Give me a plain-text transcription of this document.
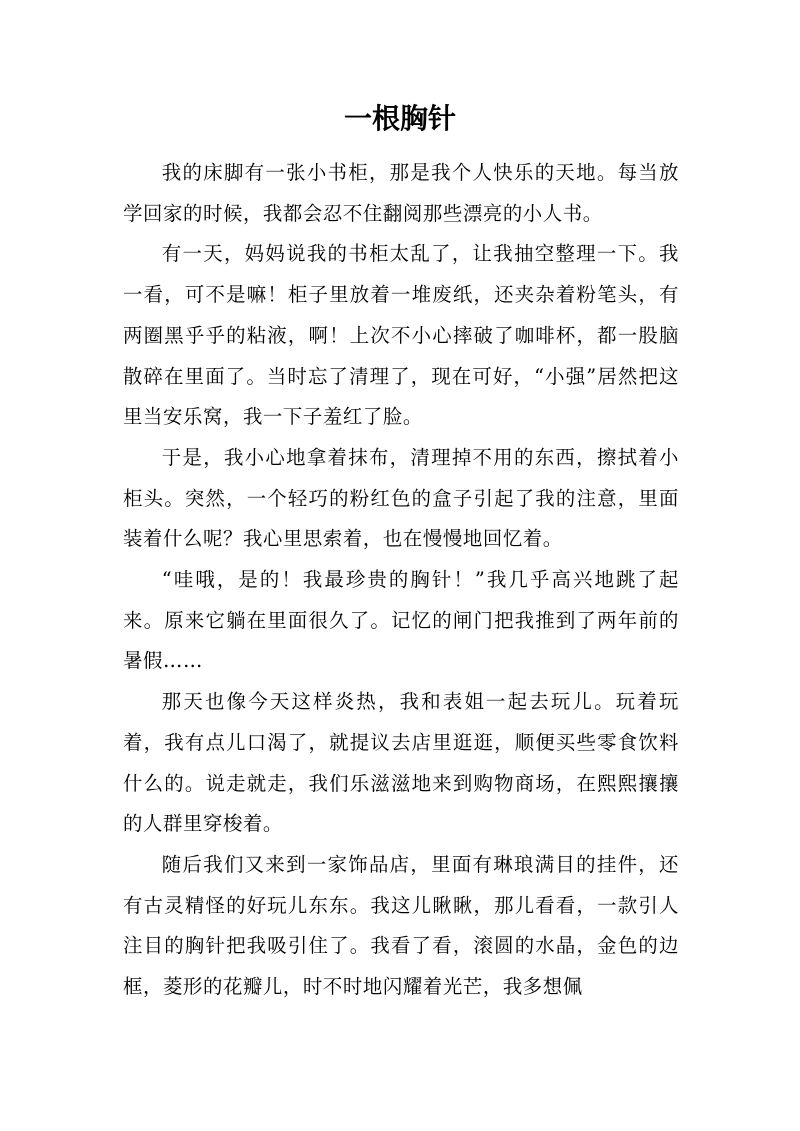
一根胸针

我的床脚有一张小书柜，那是我个人快乐的天地。每当放学回家的时候，我都会忍不住翻阅那些漂亮的小人书。

有一天，妈妈说我的书柜太乱了，让我抽空整理一下。我一看，可不是嘛！柜子里放着一堆废纸，还夹杂着粉笔头，有两圈黑乎乎的粘液，啊！上次不小心摔破了咖啡杯，都一股脑散碎在里面了。当时忘了清理了，现在可好，“小强”居然把这里当安乐窝，我一下子羞红了脸。

于是，我小心地拿着抹布，清理掉不用的东西，擦拭着小柜头。突然，一个轻巧的粉红色的盒子引起了我的注意，里面装着什么呢？我心里思索着，也在慢慢地回忆着。

“哇哦，是的！我最珍贵的胸针！”我几乎高兴地跳了起来。原来它躺在里面很久了。记忆的闸门把我推到了两年前的暑假……

那天也像今天这样炎热，我和表姐一起去玩儿。玩着玩着，我有点儿口渴了，就提议去店里逛逛，顺便买些零食饮料什么的。说走就走，我们乐滋滋地来到购物商场，在熙熙攘攘的人群里穿梭着。

随后我们又来到一家饰品店，里面有琳琅满目的挂件，还有古灵精怪的好玩儿东东。我这儿瞅瞅，那儿看看，一款引人注目的胸针把我吸引住了。我看了看，滚圆的水晶，金色的边框，菱形的花瓣儿，时不时地闪耀着光芒，我多想佩
